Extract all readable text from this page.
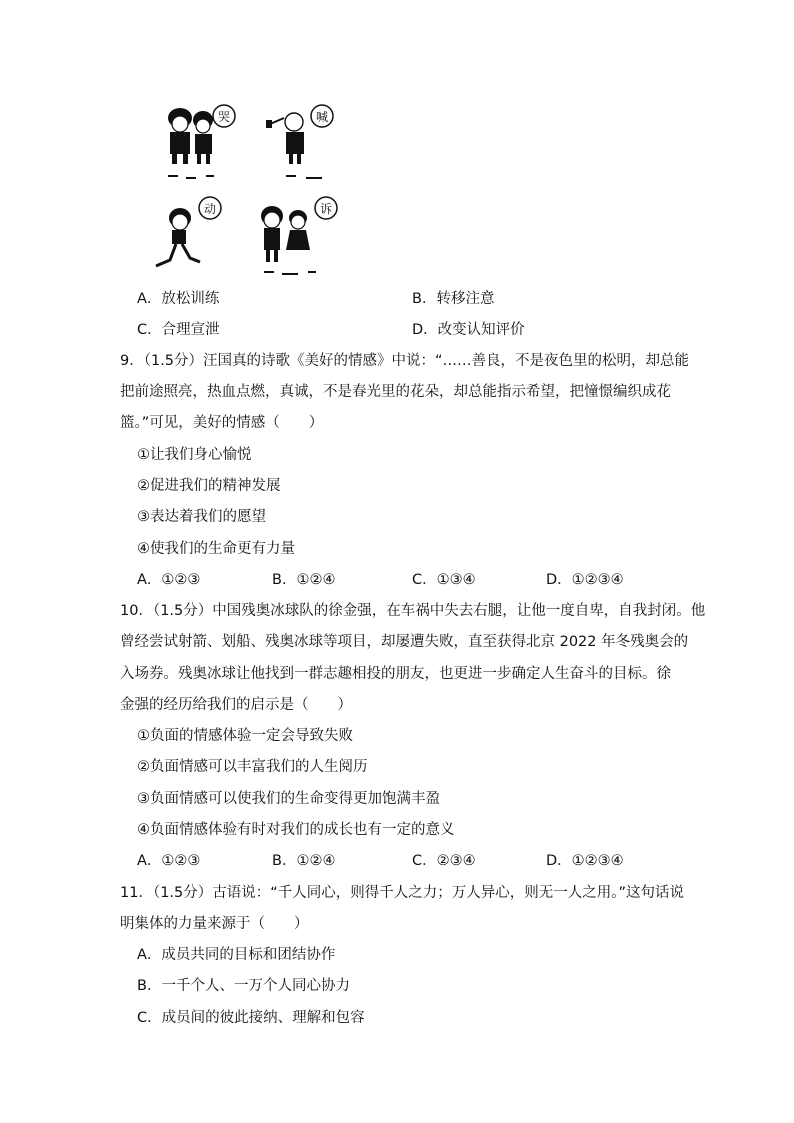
哭	喊
动	诉
A．放松训练	B．转移注意
C．合理宣泄	D．改变认知评价
9．（1.5分）汪国真的诗歌《美好的情感》中说：“……善良，不是夜色里的松明，却总能
把前途照亮，热血点燃，真诚，不是春光里的花朵，却总能指示希望，把憧憬编织成花
篮。”可见，美好的情感（　　）
①让我们身心愉悦
②促进我们的精神发展
③表达着我们的愿望
④使我们的生命更有力量
A．①②③	B．①②④	C．①③④	D．①②③④
10．（1.5分）中国残奥冰球队的徐金强，在车祸中失去右腿，让他一度自卑，自我封闭。他
曾经尝试射箭、划船、残奥冰球等项目，却屡遭失败，直至获得北京 2022 年冬残奥会的
入场券。残奥冰球让他找到一群志趣相投的朋友，也更进一步确定人生奋斗的目标。徐
金强的经历给我们的启示是（　　）
①负面的情感体验一定会导致失败
②负面情感可以丰富我们的人生阅历
③负面情感可以使我们的生命变得更加饱满丰盈
④负面情感体验有时对我们的成长也有一定的意义
A．①②③	B．①②④	C．②③④	D．①②③④
11．（1.5分）古语说：“千人同心，则得千人之力；万人异心，则无一人之用。”这句话说
明集体的力量来源于（　　）
A．成员共同的目标和团结协作
B．一千个人、一万个人同心协力
C．成员间的彼此接纳、理解和包容
